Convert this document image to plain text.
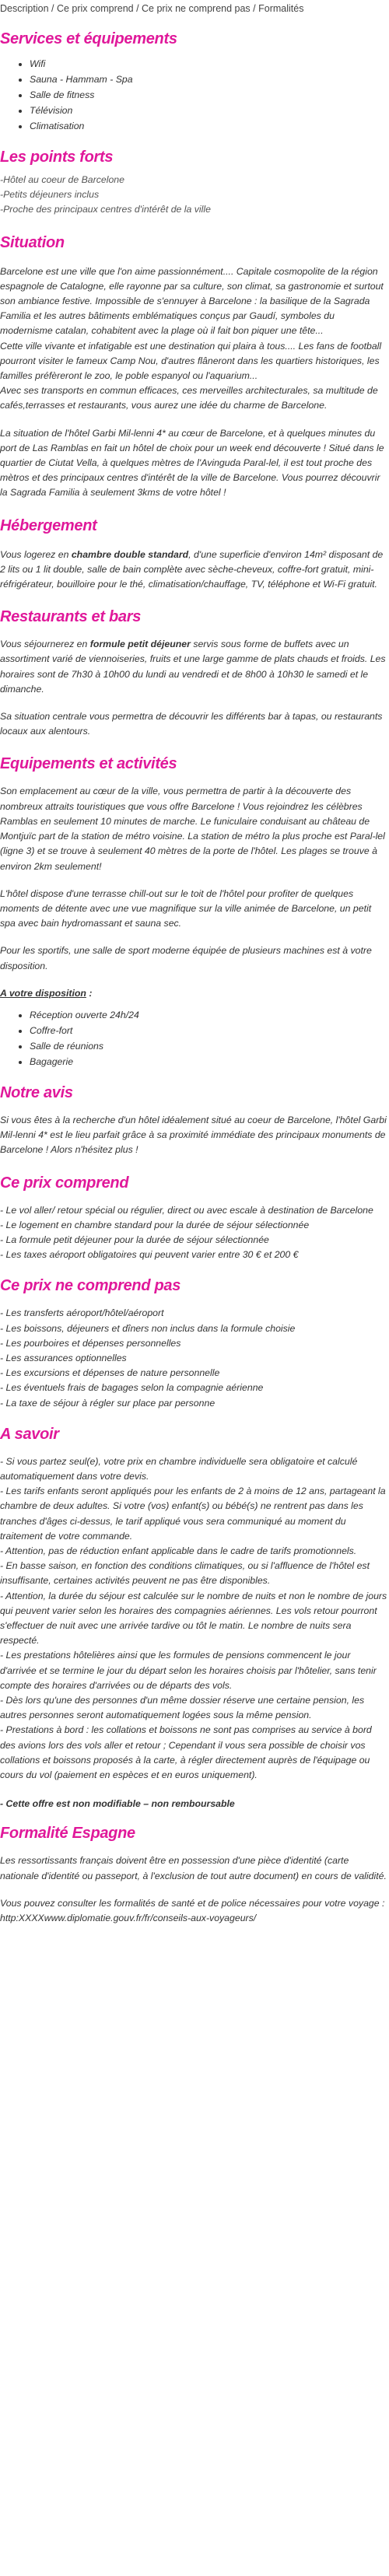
Description / Ce prix comprend / Ce prix ne comprend pas / Formalités
Services et équipements
• Wifi
• Sauna - Hammam - Spa
• Salle de fitness
• Télévision
• Climatisation
Les points forts

-Hôtel au coeur de Barcelone

-Petits déjeuners inclus

-Proche des principaux centres d'intérêt de la ville

Situation

Barcelone est une ville que l'on aime passionnément.... Capitale cosmopolite de la région espagnole de Catalogne, elle rayonne par sa culture, son climat, sa gastronomie et surtout son ambiance festive. Impossible de s'ennuyer à Barcelone : la basilique de la Sagrada Familia et les autres bâtiments emblématiques conçus par Gaudí, symboles du modernisme catalan, cohabitent avec la plage où il fait bon piquer une tête...

Cette ville vivante et infatigable est une destination qui plaira à tous.... Les fans de football pourront visiter le fameux Camp Nou, d'autres flâneront dans les quartiers historiques, les familles préfèreront le zoo, le poble espanyol ou l'aquarium...

Avec ses transports en commun efficaces, ces merveilles architecturales, sa multitude de cafés,terrasses et restaurants, vous aurez une idée du charme de Barcelone.

La situation de l'hôtel Garbi Mil-lenni 4* au cœur de Barcelone, et à quelques minutes du port de Las Ramblas en fait un hôtel de choix pour un week end découverte ! Situé dans le quartier de Ciutat Vella, à quelques mètres de l'Avinguda Paral-lel, il est tout proche des mètros et des principaux centres d'intérêt de la ville de Barcelone. Vous pourrez découvrir la Sagrada Familia à seulement 3kms de votre hôtel !

Hébergement

Vous logerez en chambre double standard, d'une superficie d'environ 14m² disposant de 2 lits ou 1 lit double, salle de bain complète avec sèche-cheveux, coffre-fort gratuit, mini-réfrigérateur, bouilloire pour le thé, climatisation/chauffage, TV, téléphone et Wi-Fi gratuit.

Restaurants et bars

Vous séjournerez en formule petit déjeuner servis sous forme de buffets avec un assortiment varié de viennoiseries, fruits et une large gamme de plats chauds et froids. Les horaires sont de 7h30 à 10h00 du lundi au vendredi et de 8h00 à 10h30 le samedi et le dimanche.

Sa situation centrale vous permettra de découvrir les différents bar à tapas, ou restaurants locaux aux alentours.

Equipements et activités

Son emplacement au cœur de la ville, vous permettra de partir à la découverte des nombreux attraits touristiques que vous offre Barcelone ! Vous rejoindrez les célèbres Ramblas en seulement 10 minutes de marche. Le funiculaire conduisant au château de Montjuïc part de la station de métro voisine. La station de métro la plus proche est Paral-lel (ligne 3) et se trouve à seulement 40 mètres de la porte de l'hôtel. Les plages se trouve à environ 2km seulement!

L'hôtel dispose d'une terrasse chill-out sur le toit de l'hôtel pour profiter de quelques moments de détente avec une vue magnifique sur la ville animée de Barcelone, un petit spa avec bain hydromassant et sauna sec.

Pour les sportifs, une salle de sport moderne équipée de plusieurs machines est à votre disposition.

A votre disposition :

• Réception ouverte 24h/24
• Coffre-fort
• Salle de réunions
• Bagagerie
Notre avis

Si vous êtes à la recherche d'un hôtel idéalement situé au coeur de Barcelone, l'hôtel Garbi Mil-lenni 4* est le lieu parfait grâce à sa proximité immédiate des principaux monuments de Barcelone ! Alors n'hésitez plus !

Ce prix comprend

- Le vol aller/ retour spécial ou régulier, direct ou avec escale à destination de Barcelone

- Le logement en chambre standard pour la durée de séjour sélectionnée

- La formule petit déjeuner pour la durée de séjour sélectionnée

- Les taxes aéroport obligatoires qui peuvent varier entre 30 € et 200 €

Ce prix ne comprend pas

- Les transferts aéroport/hôtel/aéroport

- Les boissons, déjeuners et dîners non inclus dans la formule choisie

- Les pourboires et dépenses personnelles

- Les assurances optionnelles

- Les excursions et dépenses de nature personnelle

- Les éventuels frais de bagages selon la compagnie aérienne

- La taxe de séjour à régler sur place par personne

A savoir

- Si vous partez seul(e), votre prix en chambre individuelle sera obligatoire et calculé automatiquement dans votre devis.

- Les tarifs enfants seront appliqués pour les enfants de 2 à moins de 12 ans, partageant la chambre de deux adultes. Si votre (vos) enfant(s) ou bébé(s) ne rentrent pas dans les tranches d'âges ci-dessus, le tarif appliqué vous sera communiqué au moment du traitement de votre commande.

- Attention, pas de réduction enfant applicable dans le cadre de tarifs promotionnels.

- En basse saison, en fonction des conditions climatiques, ou si l'affluence de l'hôtel est insuffisante, certaines activités peuvent ne pas être disponibles.

- Attention, la durée du séjour est calculée sur le nombre de nuits et non le nombre de jours qui peuvent varier selon les horaires des compagnies aériennes. Les vols retour pourront s'effectuer de nuit avec une arrivée tardive ou tôt le matin. Le nombre de nuits sera respecté.

- Les prestations hôtelières ainsi que les formules de pensions commencent le jour d'arrivée et se termine le jour du départ selon les horaires choisis par l'hôtelier, sans tenir compte des horaires d'arrivées ou de départs des vols.

- Dès lors qu'une des personnes d'un même dossier réserve une certaine pension, les autres personnes seront automatiquement logées sous la même pension.

- Prestations à bord : les collations et boissons ne sont pas comprises au service à bord des avions lors des vols aller et retour ; Cependant il vous sera possible de choisir vos collations et boissons proposés à la carte, à régler directement auprès de l'équipage ou cours du vol (paiement en espèces et en euros uniquement).

- Cette offre est non modifiable – non remboursable

Formalité Espagne

Les ressortissants français doivent être en possession d'une pièce d'identité (carte nationale d'identité ou passeport, à l'exclusion de tout autre document) en cours de validité.

Vous pouvez consulter les formalités de santé et de police nécessaires pour votre voyage : http:XXXXwww.diplomatie.gouv.fr/fr/conseils-aux-voyageurs/
